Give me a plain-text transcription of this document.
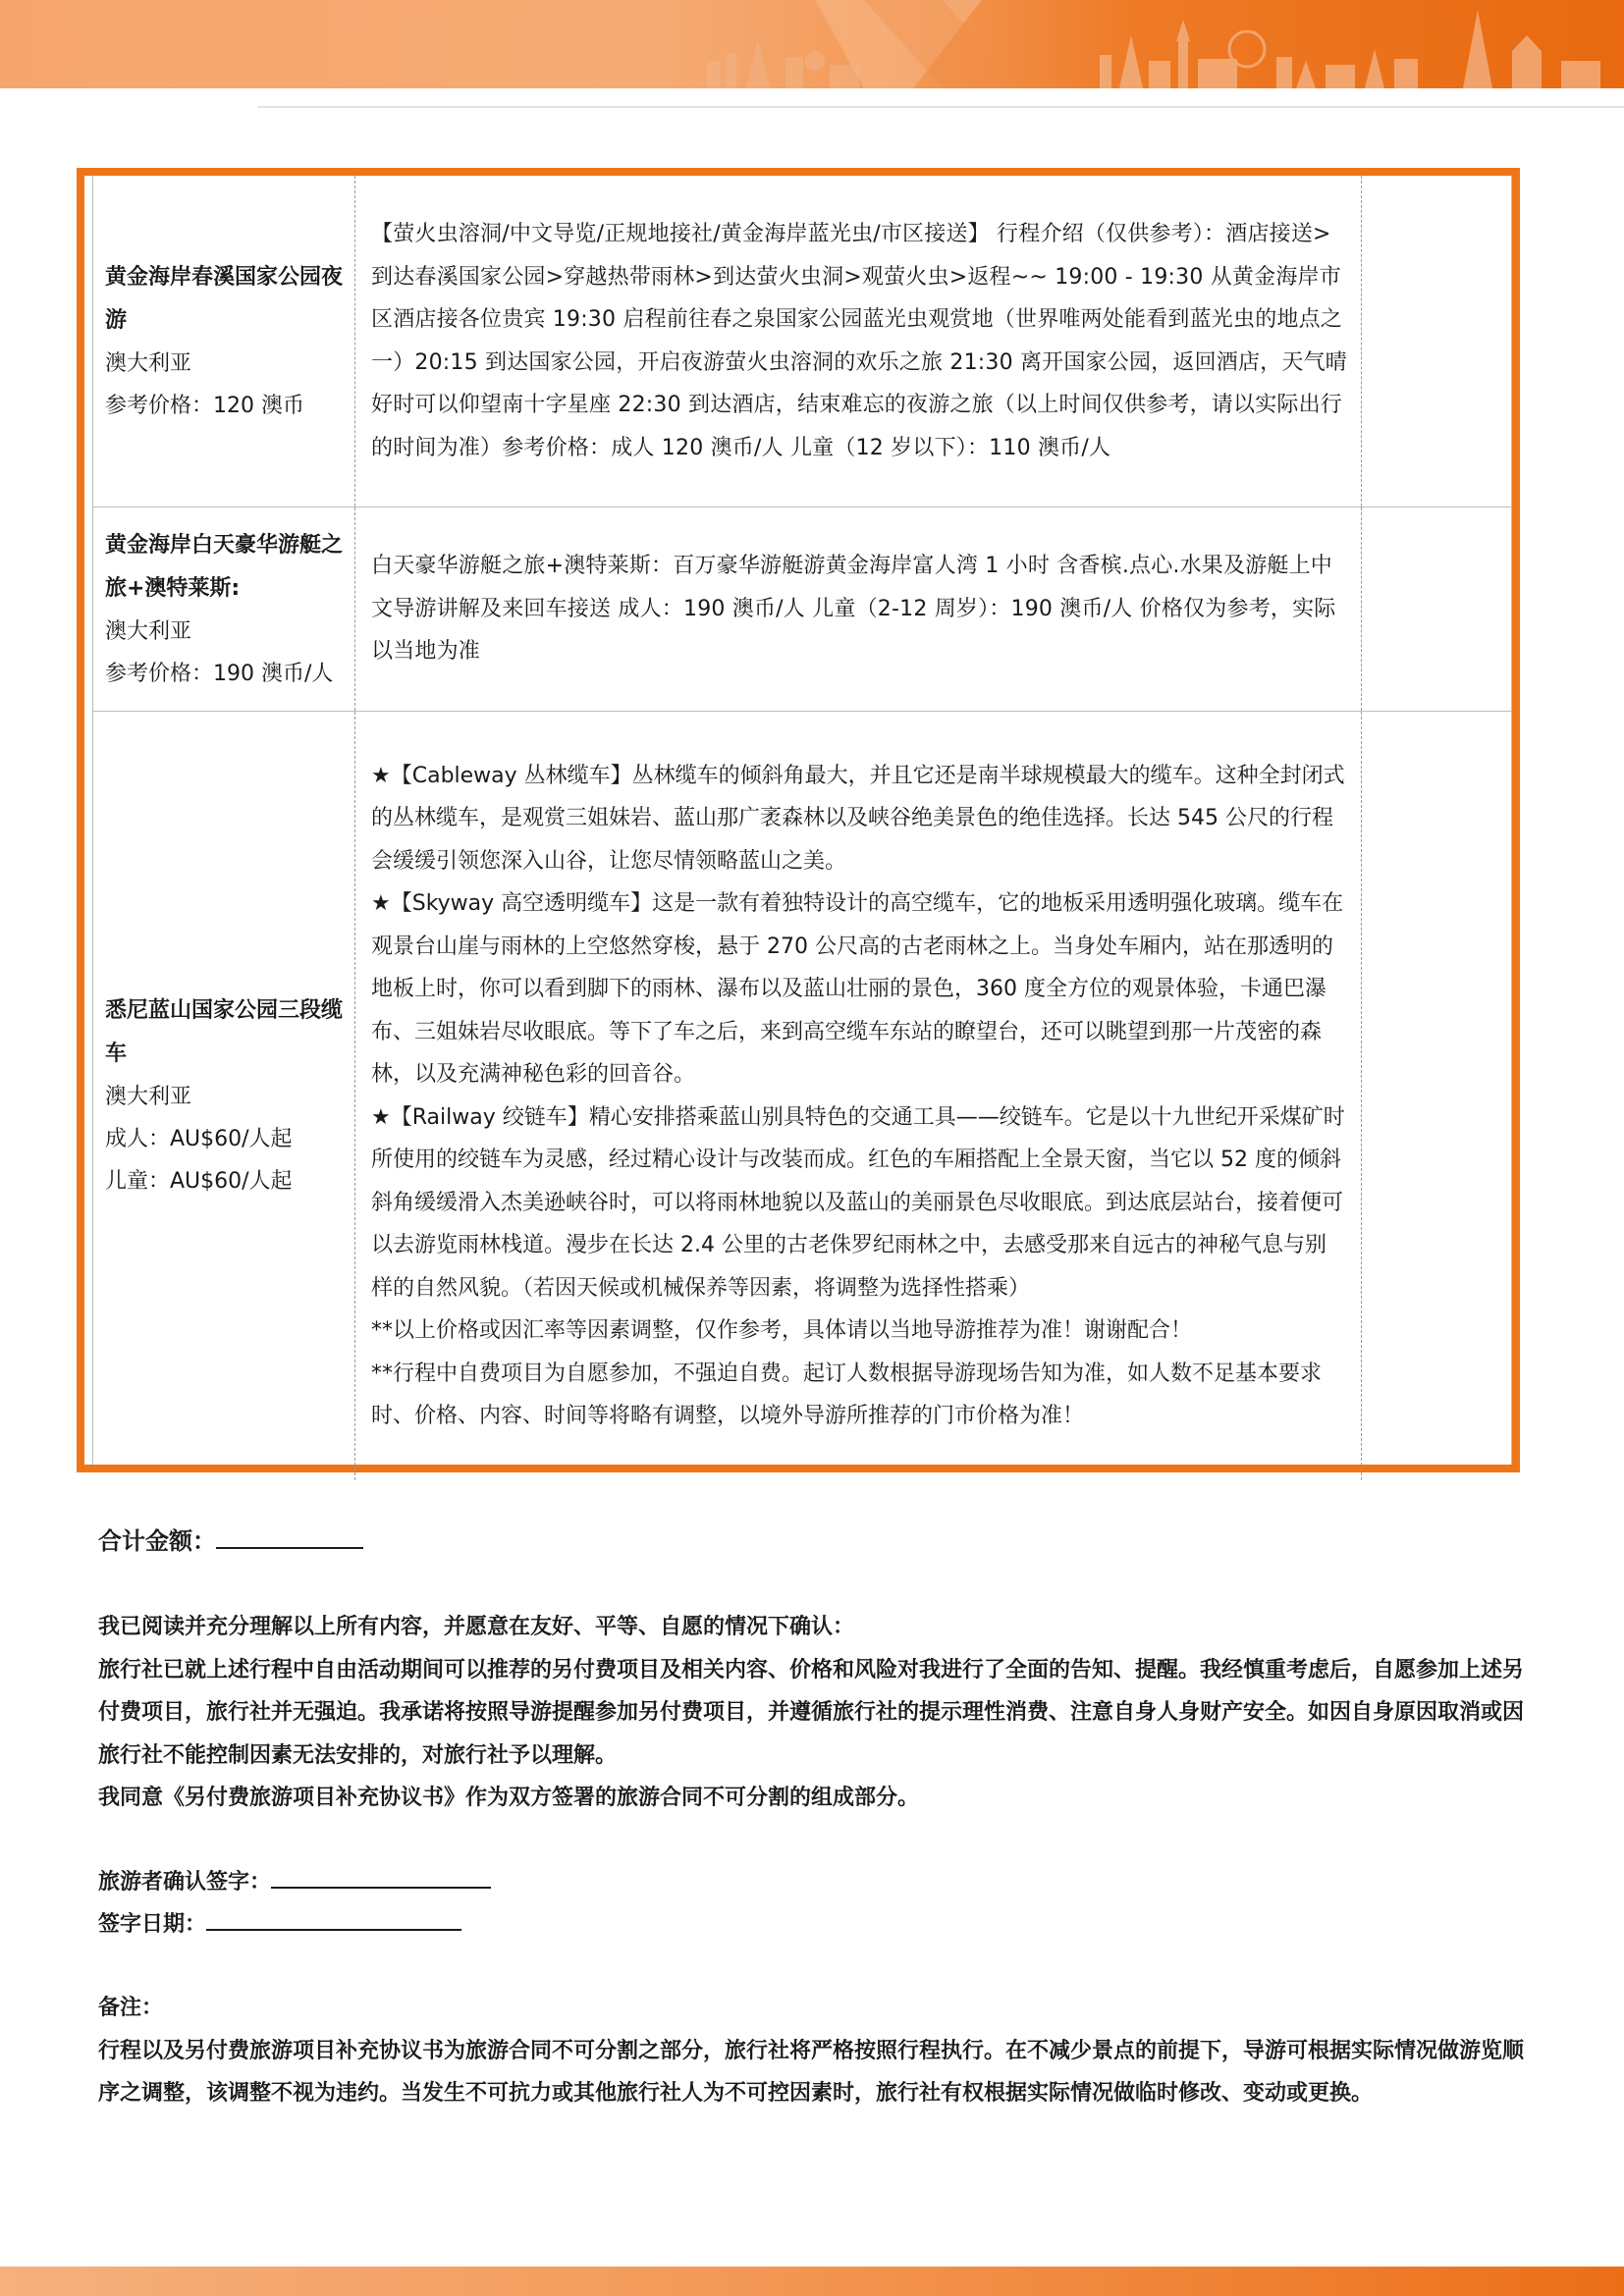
黄金海岸春溪国家公园夜游
澳大利亚
参考价格：120 澳币
【萤火虫溶洞/中文导览/正规地接社/黄金海岸蓝光虫/市区接送】 行程介绍（仅供参考）：酒店接送>到达春溪国家公园>穿越热带雨林>到达萤火虫洞>观萤火虫>返程~~ 19:00 - 19:30 从黄金海岸市区酒店接各位贵宾 19:30 启程前往春之泉国家公园蓝光虫观赏地（世界唯两处能看到蓝光虫的地点之一）20:15 到达国家公园，开启夜游萤火虫溶洞的欢乐之旅 21:30 离开国家公园，返回酒店，天气晴好时可以仰望南十字星座 22:30 到达酒店，结束难忘的夜游之旅（以上时间仅供参考，请以实际出行的时间为准）参考价格：成人 120 澳币/人 儿童（12 岁以下）：110 澳币/人
黄金海岸白天豪华游艇之旅+澳特莱斯:
澳大利亚
参考价格：190 澳币/人
白天豪华游艇之旅+澳特莱斯：百万豪华游艇游黄金海岸富人湾 1 小时 含香槟.点心.水果及游艇上中文导游讲解及来回车接送 成人：190 澳币/人 儿童（2-12 周岁）：190 澳币/人 价格仅为参考，实际以当地为准
悉尼蓝山国家公园三段缆车
澳大利亚
成人：AU$60/人起
儿童：AU$60/人起
★【Cableway 丛林缆车】丛林缆车的倾斜角最大，并且它还是南半球规模最大的缆车。这种全封闭式的丛林缆车，是观赏三姐妹岩、蓝山那广袤森林以及峡谷绝美景色的绝佳选择。长达 545 公尺的行程会缓缓引领您深入山谷，让您尽情领略蓝山之美。
★【Skyway 高空透明缆车】这是一款有着独特设计的高空缆车，它的地板采用透明强化玻璃。缆车在观景台山崖与雨林的上空悠然穿梭，悬于 270 公尺高的古老雨林之上。当身处车厢内，站在那透明的地板上时，你可以看到脚下的雨林、瀑布以及蓝山壮丽的景色，360 度全方位的观景体验，卡通巴瀑布、三姐妹岩尽收眼底。等下了车之后，来到高空缆车东站的瞭望台，还可以眺望到那一片茂密的森林，以及充满神秘色彩的回音谷。
★【Railway 绞链车】精心安排搭乘蓝山别具特色的交通工具——绞链车。它是以十九世纪开采煤矿时所使用的绞链车为灵感，经过精心设计与改装而成。红色的车厢搭配上全景天窗，当它以 52 度的倾斜斜角缓缓滑入杰美逊峡谷时，可以将雨林地貌以及蓝山的美丽景色尽收眼底。到达底层站台，接着便可以去游览雨林栈道。漫步在长达 2.4 公里的古老侏罗纪雨林之中，去感受那来自远古的神秘气息与别样的自然风貌。（若因天候或机械保养等因素，将调整为选择性搭乘）
**以上价格或因汇率等因素调整，仅作参考，具体请以当地导游推荐为准！谢谢配合！
**行程中自费项目为自愿参加，不强迫自费。起订人数根据导游现场告知为准，如人数不足基本要求时、价格、内容、时间等将略有调整，以境外导游所推荐的门市价格为准！
合计金额：
我已阅读并充分理解以上所有内容，并愿意在友好、平等、自愿的情况下确认：
旅行社已就上述行程中自由活动期间可以推荐的另付费项目及相关内容、价格和风险对我进行了全面的告知、提醒。我经慎重考虑后，自愿参加上述另付费项目，旅行社并无强迫。我承诺将按照导游提醒参加另付费项目，并遵循旅行社的提示理性消费、注意自身人身财产安全。如因自身原因取消或因旅行社不能控制因素无法安排的，对旅行社予以理解。
我同意《另付费旅游项目补充协议书》作为双方签署的旅游合同不可分割的组成部分。
旅游者确认签字：
签字日期：
备注：
行程以及另付费旅游项目补充协议书为旅游合同不可分割之部分，旅行社将严格按照行程执行。在不减少景点的前提下，导游可根据实际情况做游览顺序之调整，该调整不视为违约。当发生不可抗力或其他旅行社人为不可控因素时，旅行社有权根据实际情况做临时修改、变动或更换。
